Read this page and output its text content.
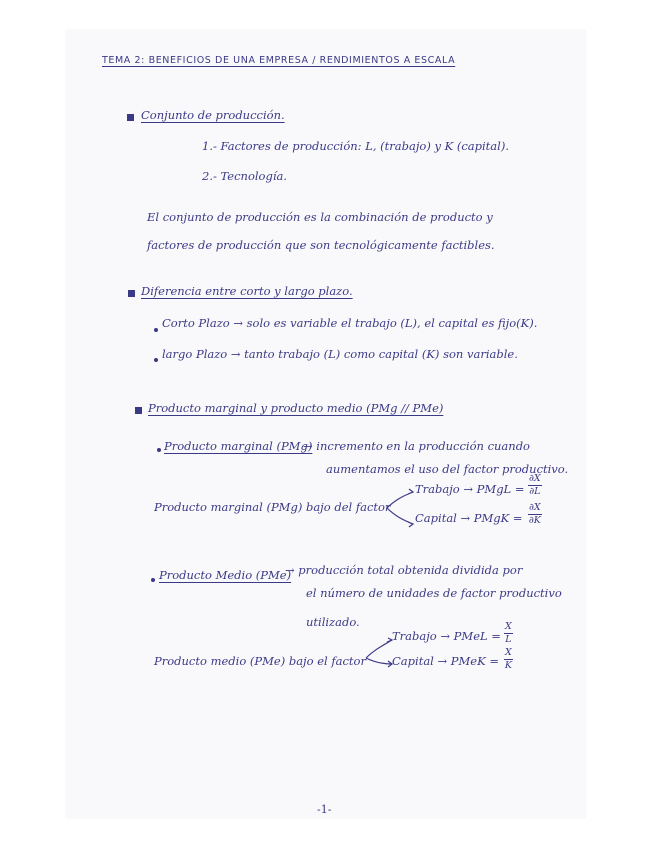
TEMA 2: BENEFICIOS DE UNA EMPRESA / RENDIMIENTOS A ESCALA
Conjunto de producción.
1.- Factores de producción: L, (trabajo) y K (capital).
2.- Tecnología.
El conjunto de producción es la combinación de producto y
factores de producción que son tecnológicamente factibles.
Diferencia entre corto y largo plazo.
Corto Plazo → solo es variable el trabajo (L), el capital es fijo(K).
largo Plazo → tanto trabajo (L) como capital (K) son variable.
Producto marginal y producto medio (PMg // PMe)
Producto marginal (PMg)
→ incremento en la producción cuando
aumentamos el uso del factor productivo.
Producto marginal (PMg) bajo del factor
Trabajo → PMgL = $\frac{\partial X}{\partial L}$
Capital → PMgK = $\frac{\partial X}{\partial K}$
Producto Medio (PMe)
→ producción total obtenida dividida por
el número de unidades de factor productivo
utilizado.
Producto medio (PMe) bajo el factor
Trabajo → PMeL = $\frac{X}{L}$
Capital → PMeK = $\frac{X}{K}$
-1-
